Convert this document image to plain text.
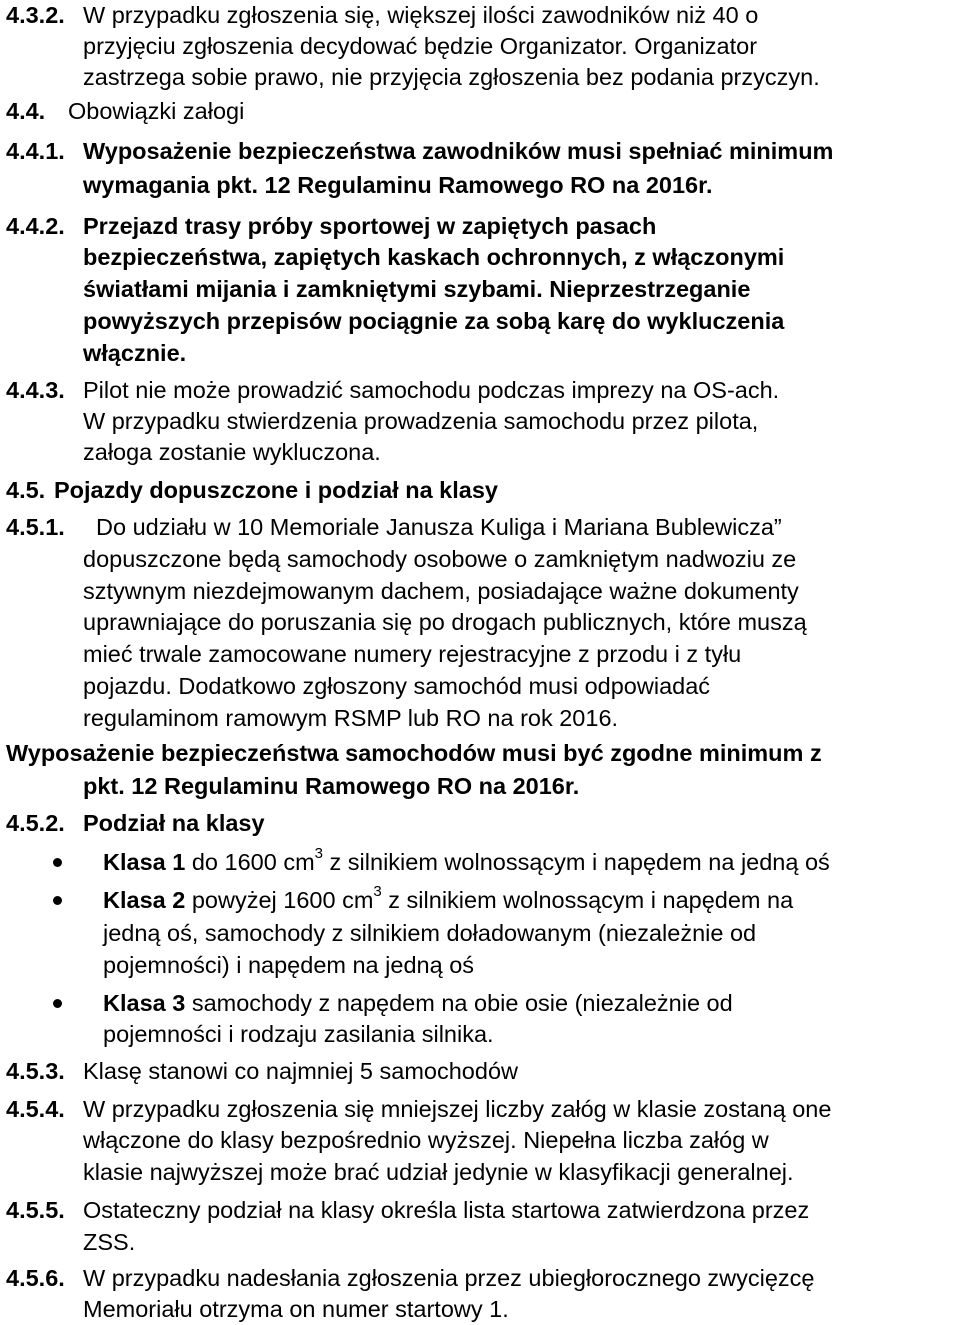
4.3.2. W przypadku zgłoszenia się, większej ilości zawodników niż 40 o
przyjęciu zgłoszenia decydować będzie Organizator. Organizator
zastrzega sobie prawo, nie przyjęcia zgłoszenia bez podania przyczyn.
4.4. Obowiązki załogi
4.4.1. Wyposażenie bezpieczeństwa zawodników musi spełniać minimum
wymagania pkt. 12 Regulaminu Ramowego RO na 2016r.
4.4.2. Przejazd trasy próby sportowej w zapiętych pasach
bezpieczeństwa, zapiętych kaskach ochronnych, z włączonymi
światłami mijania i zamkniętymi szybami. Nieprzestrzeganie
powyższych przepisów pociągnie za sobą karę do wykluczenia
włącznie.
4.4.3. Pilot nie może prowadzić samochodu podczas imprezy na OS-ach.
W przypadku stwierdzenia prowadzenia samochodu przez pilota,
załoga zostanie wykluczona.
4.5. Pojazdy dopuszczone i podział na klasy
4.5.1. Do udziału w 10 Memoriale Janusza Kuliga i Mariana Bublewicza”
dopuszczone będą samochody osobowe o zamkniętym nadwoziu ze
sztywnym niezdejmowanym dachem, posiadające ważne dokumenty
uprawniające do poruszania się po drogach publicznych, które muszą
mieć trwale zamocowane numery rejestracyjne z przodu i z tyłu
pojazdu. Dodatkowo zgłoszony samochód musi odpowiadać
regulaminom ramowym RSMP lub RO na rok 2016.
Wyposażenie bezpieczeństwa samochodów musi być zgodne minimum z
pkt. 12 Regulaminu Ramowego RO na 2016r.
4.5.2. Podział na klasy
Klasa 1 do 1600 $cm^3$ z silnikiem wolnossącym i napędem na jedną oś
Klasa 2 powyżej 1600 $cm^3$ z silnikiem wolnossącym i napędem na
jedną oś, samochody z silnikiem doładowanym (niezależnie od
pojemności) i napędem na jedną oś
Klasa 3 samochody z napędem na obie osie (niezależnie od
pojemności i rodzaju zasilania silnika.
4.5.3. Klasę stanowi co najmniej 5 samochodów
4.5.4. W przypadku zgłoszenia się mniejszej liczby załóg w klasie zostaną one
włączone do klasy bezpośrednio wyższej. Niepełna liczba załóg w
klasie najwyższej może brać udział jedynie w klasyfikacji generalnej.
4.5.5. Ostateczny podział na klasy określa lista startowa zatwierdzona przez
ZSS.
4.5.6. W przypadku nadesłania zgłoszenia przez ubiegłorocznego zwycięzcę
Memoriału otrzyma on numer startowy 1.
